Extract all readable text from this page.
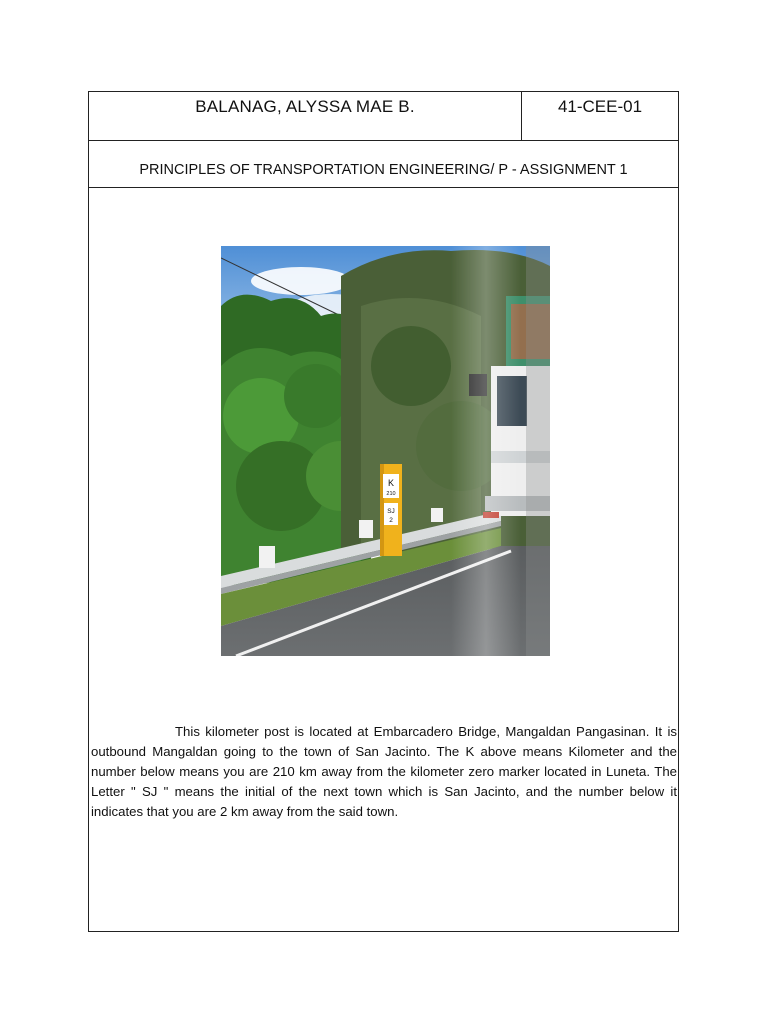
BALANAG, ALYSSA MAE B.	41-CEE-01
PRINCIPLES OF TRANSPORTATION ENGINEERING/ P - ASSIGNMENT 1
K
210
SJ
2
This kilometer post is located at Embarcadero Bridge, Mangaldan Pangasinan. It is outbound Mangaldan going to the town of San Jacinto. The K above means Kilometer and the number below means you are 210 km away from the kilometer zero marker located in Luneta. The Letter " SJ " means the initial of the next town which is San Jacinto, and the number below it indicates that you are 2 km away from the said town.
